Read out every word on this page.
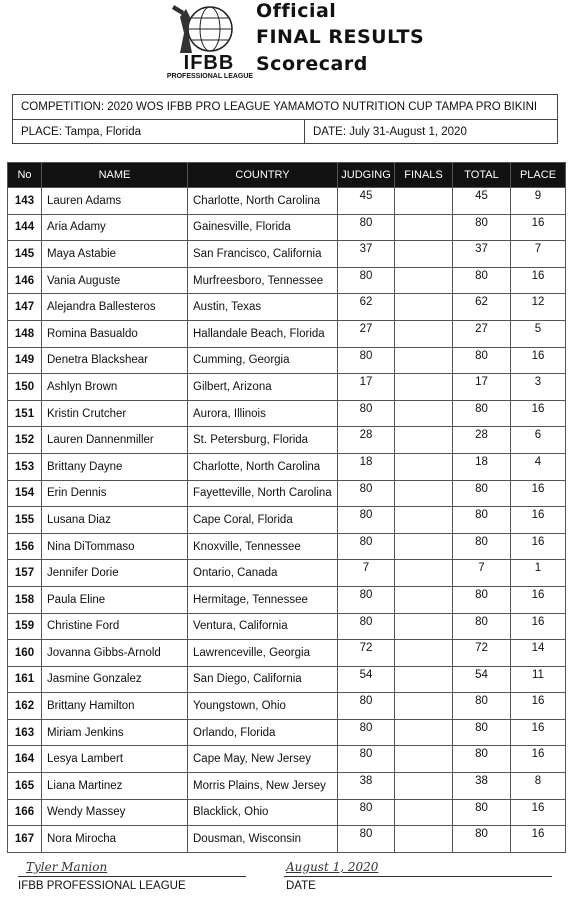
IFBB
PROFESSIONAL LEAGUE
Official
FINAL RESULTS
Scorecard
COMPETITION: 2020 WOS IFBB PRO LEAGUE YAMAMOTO NUTRITION CUP TAMPA PRO BIKINI
PLACE: Tampa, Florida	DATE: July 31-August 1, 2020
No	NAME	COUNTRY	JUDGING	FINALS	TOTAL	PLACE
143	Lauren Adams	Charlotte, North Carolina	45		45	9
144	Aria Adamy	Gainesville, Florida	80		80	16
145	Maya Astabie	San Francisco, California	37		37	7
146	Vania Auguste	Murfreesboro, Tennessee	80		80	16
147	Alejandra Ballesteros	Austin, Texas	62		62	12
148	Romina Basualdo	Hallandale Beach, Florida	27		27	5
149	Denetra Blackshear	Cumming, Georgia	80		80	16
150	Ashlyn Brown	Gilbert, Arizona	17		17	3
151	Kristin Crutcher	Aurora, Illinois	80		80	16
152	Lauren Dannenmiller	St. Petersburg, Florida	28		28	6
153	Brittany Dayne	Charlotte, North Carolina	18		18	4
154	Erin Dennis	Fayetteville, North Carolina	80		80	16
155	Lusana Diaz	Cape Coral, Florida	80		80	16
156	Nina DiTommaso	Knoxville, Tennessee	80		80	16
157	Jennifer Dorie	Ontario, Canada	7		7	1
158	Paula Eline	Hermitage, Tennessee	80		80	16
159	Christine Ford	Ventura, California	80		80	16
160	Jovanna Gibbs-Arnold	Lawrenceville, Georgia	72		72	14
161	Jasmine Gonzalez	San Diego, California	54		54	11
162	Brittany Hamilton	Youngstown, Ohio	80		80	16
163	Miriam Jenkins	Orlando, Florida	80		80	16
164	Lesya Lambert	Cape May, New Jersey	80		80	16
165	Liana Martinez	Morris Plains, New Jersey	38		38	8
166	Wendy Massey	Blacklick, Ohio	80		80	16
167	Nora Mirocha	Dousman, Wisconsin	80		80	16
Tyler Manion
IFBB PROFESSIONAL LEAGUE
August 1, 2020
DATE
